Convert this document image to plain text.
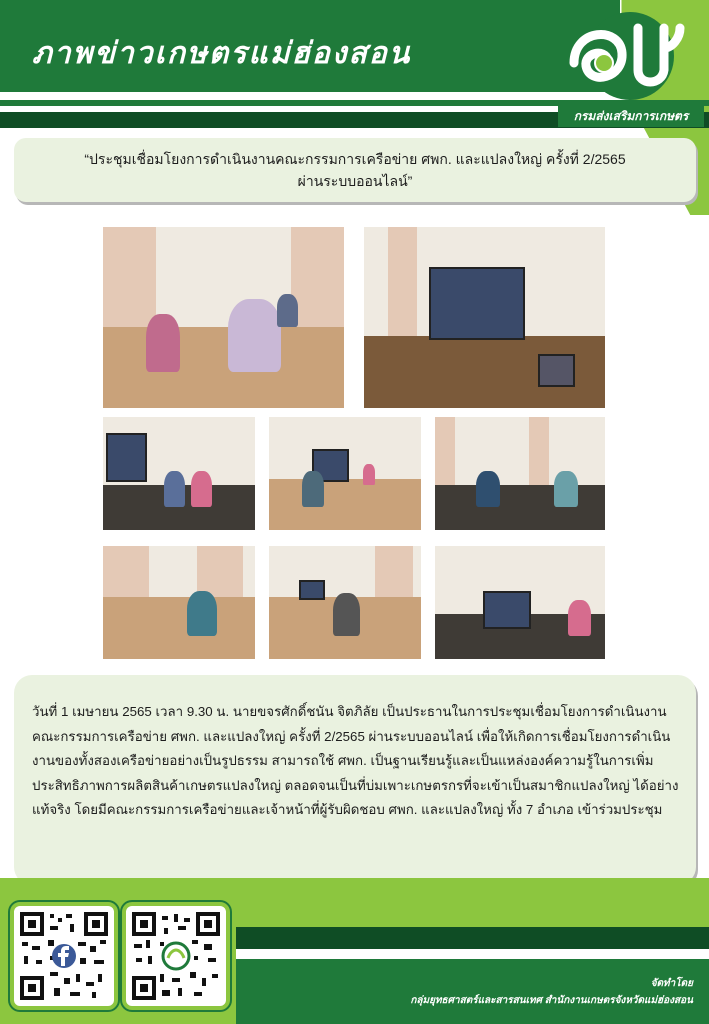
ภาพข่าวเกษตรแม่ฮ่องสอน
กรมส่งเสริมการเกษตร
“ประชุมเชื่อมโยงการดำเนินงานคณะกรรมการเครือข่าย ศพก. และแปลงใหญ่ ครั้งที่ 2/2565
ผ่านระบบออนไลน์”
วันที่ 1 เมษายน 2565 เวลา 9.30 น. นายขจรศักดิ์ชนัน จิตภิลัย เป็นประธานในการประชุมเชื่อมโยงการดำเนินงานคณะกรรมการเครือข่าย ศพก. และแปลงใหญ่ ครั้งที่ 2/2565 ผ่านระบบออนไลน์ เพื่อให้เกิดการเชื่อมโยงการดำเนินงานของทั้งสองเครือข่ายอย่างเป็นรูปธรรม สามารถใช้ ศพก. เป็นฐานเรียนรู้และเป็นแหล่งองค์ความรู้ในการเพิ่มประสิทธิภาพการผลิตสินค้าเกษตรแปลงใหญ่ ตลอดจนเป็นที่บ่มเพาะเกษตรกรที่จะเข้าเป็นสมาชิกแปลงใหญ่ ได้อย่างแท้จริง โดยมีคณะกรรมการเครือข่ายและเจ้าหน้าที่ผู้รับผิดชอบ ศพก. และแปลงใหญ่ ทั้ง 7 อำเภอ เข้าร่วมประชุม
จัดทำโดย
กลุ่มยุทธศาสตร์และสารสนเทศ สำนักงานเกษตรจังหวัดแม่ฮ่องสอน
